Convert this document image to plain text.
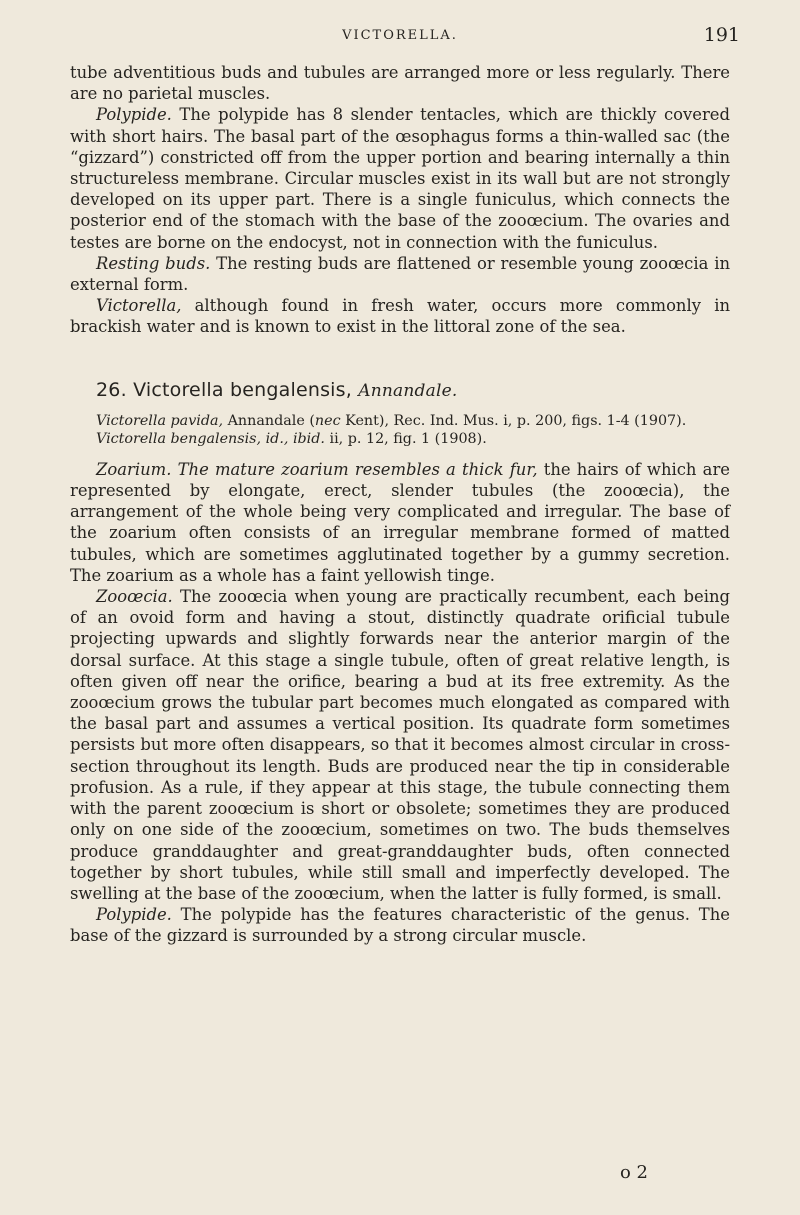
VICTORELLA.	191

tube adventitious buds and tubules are arranged more or less regularly. There are no parietal muscles.

Polypide. The polypide has 8 slender tentacles, which are thickly covered with short hairs. The basal part of the œsophagus forms a thin-walled sac (the “gizzard”) constricted off from the upper portion and bearing internally a thin structureless membrane. Circular muscles exist in its wall but are not strongly developed on its upper part. There is a single funiculus, which connects the posterior end of the stomach with the base of the zooœcium. The ovaries and testes are borne on the endocyst, not in connection with the funiculus.

Resting buds. The resting buds are flattened or resemble young zooœcia in external form.

Victorella, although found in fresh water, occurs more commonly in brackish water and is known to exist in the littoral zone of the sea.

26. Victorella bengalensis, Annandale.

Victorella pavida, Annandale (nec Kent), Rec. Ind. Mus. i, p. 200, figs. 1-4 (1907).

Victorella bengalensis, id., ibid. ii, p. 12, fig. 1 (1908).

Zoarium. The mature zoarium resembles a thick fur, the hairs of which are represented by elongate, erect, slender tubules (the zooœcia), the arrangement of the whole being very complicated and irregular. The base of the zoarium often consists of an irregular membrane formed of matted tubules, which are sometimes agglutinated together by a gummy secretion. The zoarium as a whole has a faint yellowish tinge.

Zooœcia. The zooœcia when young are practically recumbent, each being of an ovoid form and having a stout, distinctly quadrate orificial tubule projecting upwards and slightly forwards near the anterior margin of the dorsal surface. At this stage a single tubule, often of great relative length, is often given off near the orifice, bearing a bud at its free extremity. As the zooœcium grows the tubular part becomes much elongated as compared with the basal part and assumes a vertical position. Its quadrate form sometimes persists but more often disappears, so that it becomes almost circular in cross-section throughout its length. Buds are produced near the tip in considerable profusion. As a rule, if they appear at this stage, the tubule connecting them with the parent zooœcium is short or obsolete; sometimes they are produced only on one side of the zooœcium, sometimes on two. The buds themselves produce granddaughter and great-granddaughter buds, often connected together by short tubules, while still small and imperfectly developed. The swelling at the base of the zooœcium, when the latter is fully formed, is small.

Polypide. The polypide has the features characteristic of the genus. The base of the gizzard is surrounded by a strong circular muscle.

o 2
